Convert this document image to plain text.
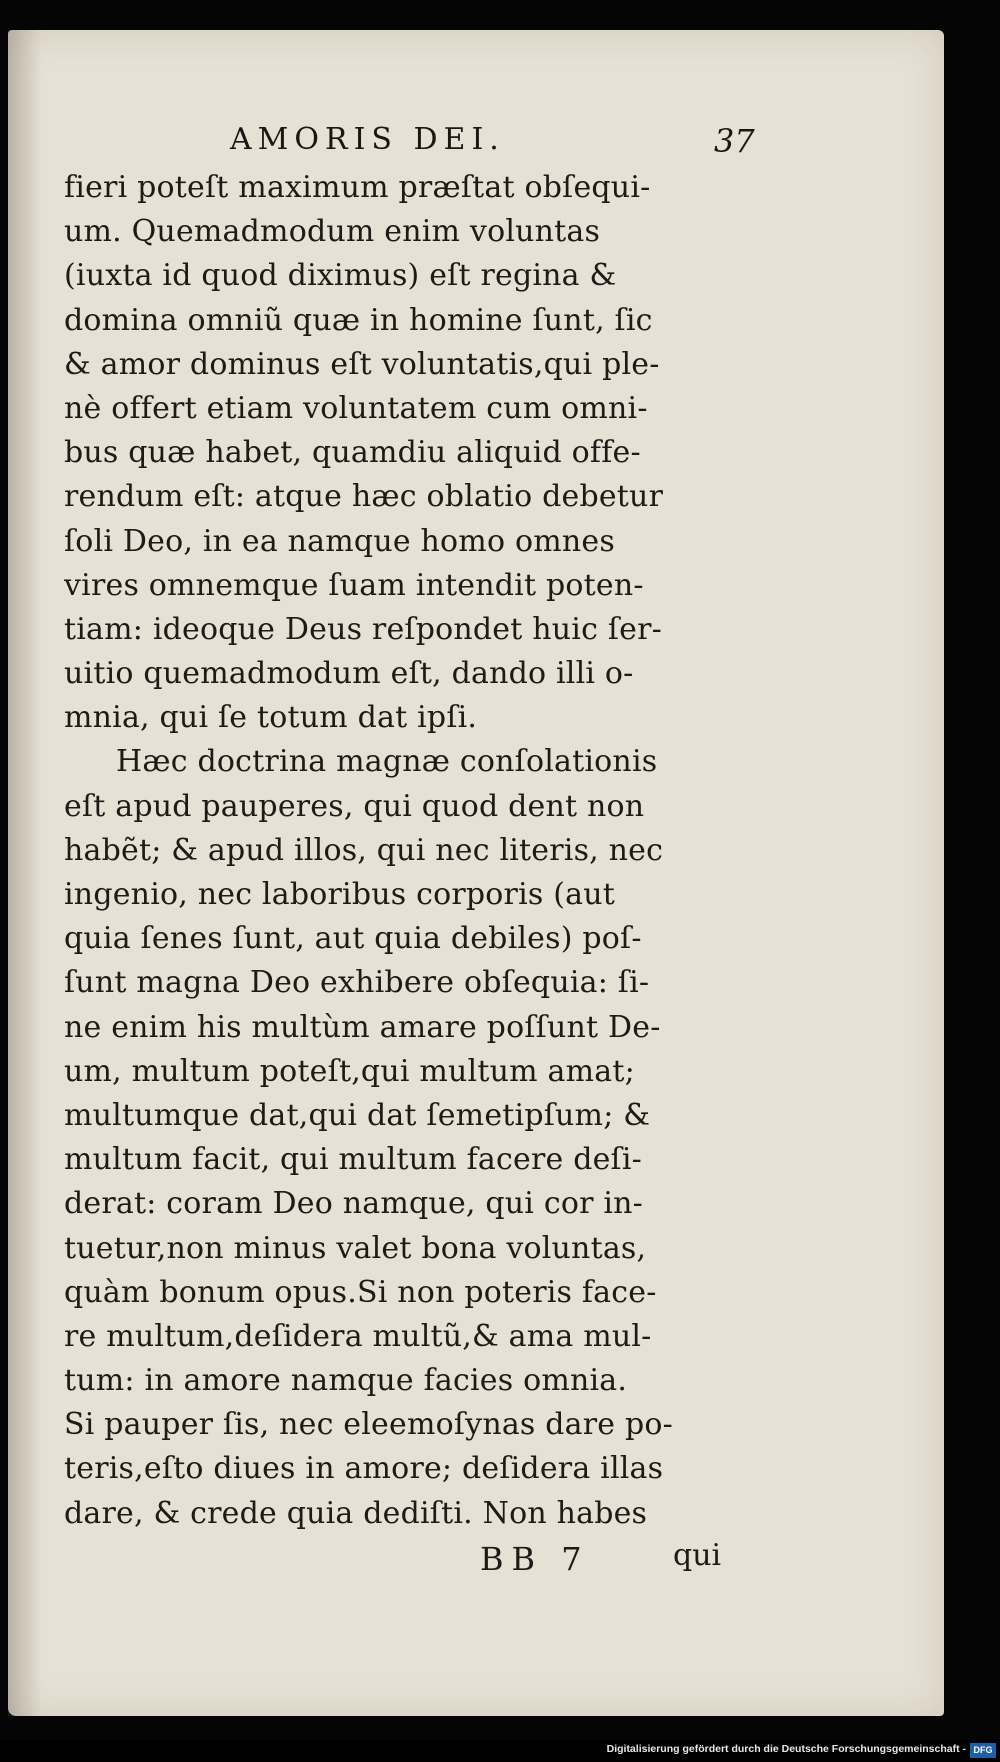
AMORIS DEI.	37
fieri poteſt maximum præſtat obſequi-
um. Quemadmodum enim voluntas
(iuxta id quod diximus) eſt regina &
domina omniũ quæ in homine ſunt, ſic
& amor dominus eſt voluntatis,qui ple-
nè offert etiam voluntatem cum omni-
bus quæ habet, quamdiu aliquid offe-
rendum eſt: atque hæc oblatio debetur
ſoli Deo, in ea namque homo omnes
vires omnemque ſuam intendit poten-
tiam: ideoque Deus reſpondet huic ſer-
uitio quemadmodum eſt, dando illi o-
mnia, qui ſe totum dat ipſi.
Hæc doctrina magnæ conſolationis
eſt apud pauperes, qui quod dent non
habẽt; & apud illos, qui nec literis, nec
ingenio, nec laboribus corporis (aut
quia ſenes ſunt, aut quia debiles) poſ-
ſunt magna Deo exhibere obſequia: ſi-
ne enim his multùm amare poſſunt De-
um, multum poteſt,qui multum amat;
multumque dat,qui dat ſemetipſum; &
multum facit, qui multum facere deſi-
derat: coram Deo namque, qui cor in-
tuetur,non minus valet bona voluntas,
quàm bonum opus.Si non poteris face-
re multum,deſidera multũ,& ama mul-
tum: in amore namque facies omnia.
Si pauper ſis, nec eleemoſynas dare po-
teris,eſto diues in amore; deſidera illas
dare, & crede quia dediſti. Non habes
BB 7	qui
Digitalisierung gefördert durch die Deutsche Forschungsgemeinschaft - DFG
